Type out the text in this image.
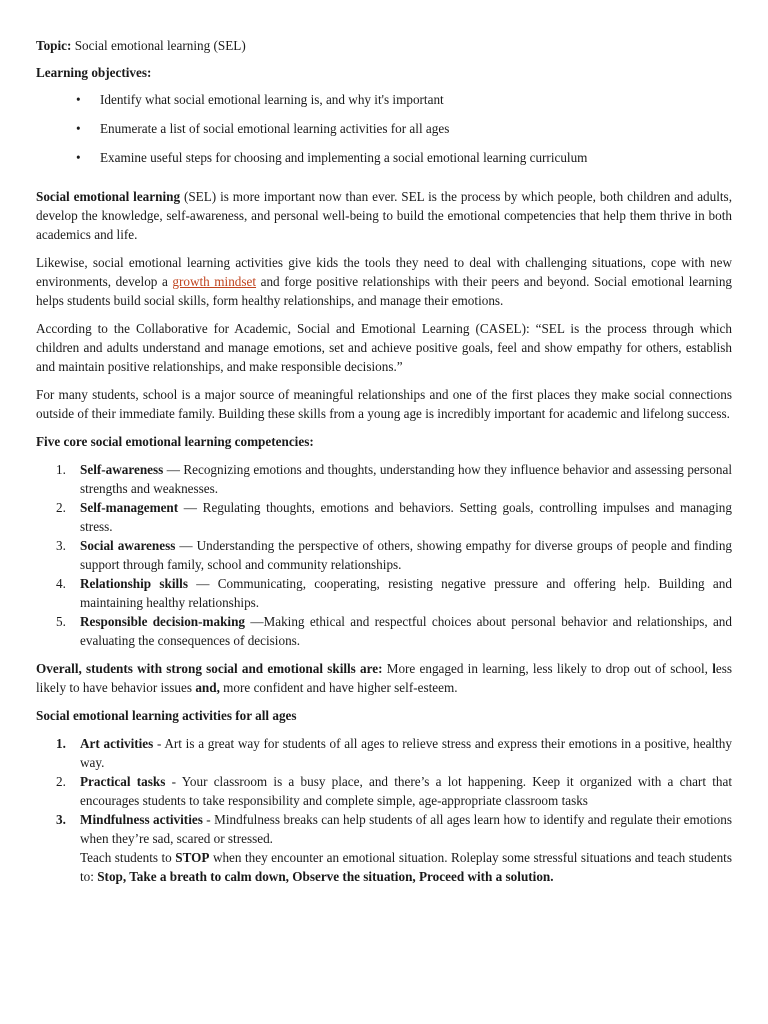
Topic: Social emotional learning (SEL)

Learning objectives:

• Identify what social emotional learning is, and why it's important
• Enumerate a list of social emotional learning activities for all ages
• Examine useful steps for choosing and implementing a social emotional learning curriculum

Social emotional learning (SEL) is more important now than ever. SEL is the process by which people, both children and adults, develop the knowledge, self-awareness, and personal well-being to build the emotional competencies that help them thrive in both academics and life.

Likewise, social emotional learning activities give kids the tools they need to deal with challenging situations, cope with new environments, develop a growth mindset and forge positive relationships with their peers and beyond. Social emotional learning helps students build social skills, form healthy relationships, and manage their emotions.

According to the Collaborative for Academic, Social and Emotional Learning (CASEL): “SEL is the process through which children and adults understand and manage emotions, set and achieve positive goals, feel and show empathy for others, establish and maintain positive relationships, and make responsible decisions.”

For many students, school is a major source of meaningful relationships and one of the first places they make social connections outside of their immediate family. Building these skills from a young age is incredibly important for academic and lifelong success.

Five core social emotional learning competencies:

1. Self-awareness — Recognizing emotions and thoughts, understanding how they influence behavior and assessing personal strengths and weaknesses.
2. Self-management — Regulating thoughts, emotions and behaviors. Setting goals, controlling impulses and managing stress.
3. Social awareness — Understanding the perspective of others, showing empathy for diverse groups of people and finding support through family, school and community relationships.
4. Relationship skills — Communicating, cooperating, resisting negative pressure and offering help. Building and maintaining healthy relationships.
5. Responsible decision-making —Making ethical and respectful choices about personal behavior and relationships, and evaluating the consequences of decisions.

Overall, students with strong social and emotional skills are: More engaged in learning, less likely to drop out of school, less likely to have behavior issues and, more confident and have higher self-esteem.

Social emotional learning activities for all ages

1. Art activities - Art is a great way for students of all ages to relieve stress and express their emotions in a positive, healthy way.
2. Practical tasks - Your classroom is a busy place, and there’s a lot happening. Keep it organized with a chart that encourages students to take responsibility and complete simple, age-appropriate classroom tasks
3. Mindfulness activities - Mindfulness breaks can help students of all ages learn how to identify and regulate their emotions when they’re sad, scared or stressed.
Teach students to STOP when they encounter an emotional situation. Roleplay some stressful situations and teach students to: Stop, Take a breath to calm down, Observe the situation, Proceed with a solution.
